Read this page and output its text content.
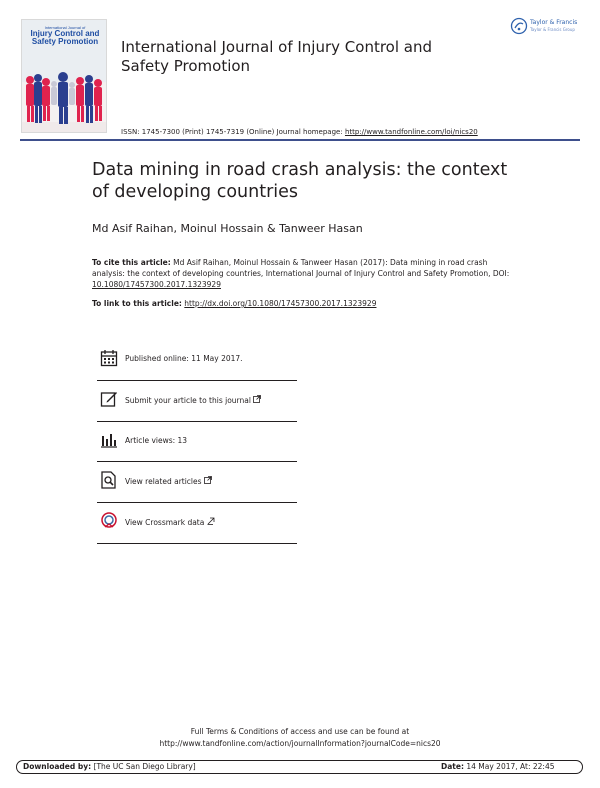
International Journal of
Injury Control and
Safety Promotion	International Journal of Injury Control and Safety Promotion
ISSN: 1745-7300 (Print) 1745-7319 (Online) Journal homepage: http://www.tandfonline.com/loi/nics20
Taylor & Francis
Taylor & Francis Group
Data mining in road crash analysis: the context of developing countries
Md Asif Raihan, Moinul Hossain & Tanweer Hasan
To cite this article: Md Asif Raihan, Moinul Hossain & Tanweer Hasan (2017): Data mining in road crash analysis: the context of developing countries, International Journal of Injury Control and Safety Promotion, DOI: 10.1080/17457300.2017.1323929
To link to this article: http://dx.doi.org/10.1080/17457300.2017.1323929
Published online: 11 May 2017.
Submit your article to this journal
Article views: 13
View related articles
View Crossmark data
Full Terms & Conditions of access and use can be found at
http://www.tandfonline.com/action/journalInformation?journalCode=nics20
Downloaded by: [The UC San Diego Library]	Date: 14 May 2017, At: 22:45
